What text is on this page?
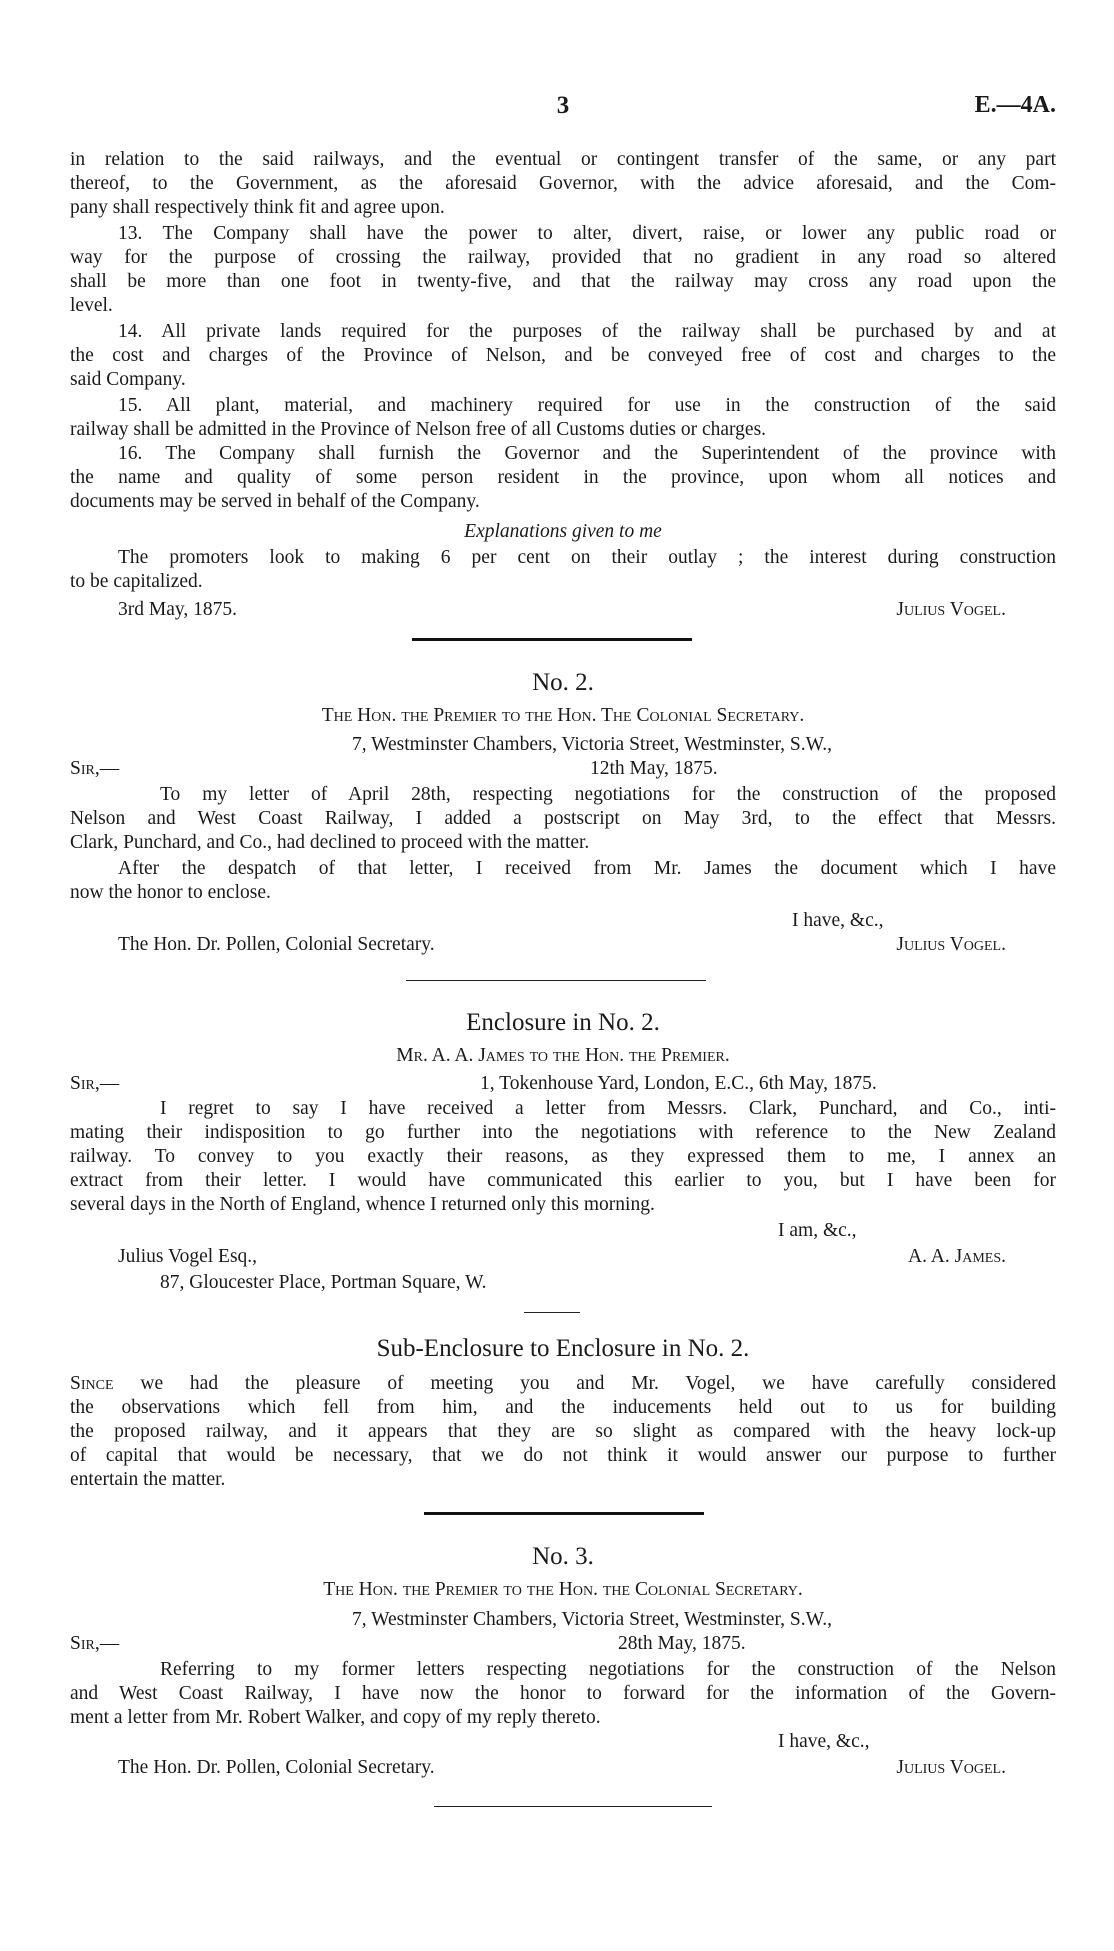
3	E.—4A.
in relation to the said railways, and the eventual or contingent transfer of the same, or any part
thereof, to the Government, as the aforesaid Governor, with the advice aforesaid, and the Com-
pany shall respectively think fit and agree upon.
13. The Company shall have the power to alter, divert, raise, or lower any public road or
way for the purpose of crossing the railway, provided that no gradient in any road so altered
shall be more than one foot in twenty-five, and that the railway may cross any road upon the
level.
14. All private lands required for the purposes of the railway shall be purchased by and at
the cost and charges of the Province of Nelson, and be conveyed free of cost and charges to the
said Company.
15. All plant, material, and machinery required for use in the construction of the said
railway shall be admitted in the Province of Nelson free of all Customs duties or charges.
16. The Company shall furnish the Governor and the Superintendent of the province with
the name and quality of some person resident in the province, upon whom all notices and
documents may be served in behalf of the Company.
Explanations given to me
The promoters look to making 6 per cent on their outlay ; the interest during construction
to be capitalized.
3rd May, 1875.	Julius Vogel.
No. 2.
The Hon. the Premier to the Hon. The Colonial Secretary.
7, Westminster Chambers, Victoria Street, Westminster, S.W.,
Sir,—	12th May, 1875.
To my letter of April 28th, respecting negotiations for the construction of the proposed
Nelson and West Coast Railway, I added a postscript on May 3rd, to the effect that Messrs.
Clark, Punchard, and Co., had declined to proceed with the matter.
After the despatch of that letter, I received from Mr. James the document which I have
now the honor to enclose.
I have, &c.,
The Hon. Dr. Pollen, Colonial Secretary.	Julius Vogel.
Enclosure in No. 2.
Mr. A. A. James to the Hon. the Premier.
Sir,—	1, Tokenhouse Yard, London, E.C., 6th May, 1875.
I regret to say I have received a letter from Messrs. Clark, Punchard, and Co., inti-
mating their indisposition to go further into the negotiations with reference to the New Zealand
railway. To convey to you exactly their reasons, as they expressed them to me, I annex an
extract from their letter. I would have communicated this earlier to you, but I have been for
several days in the North of England, whence I returned only this morning.
I am, &c.,
Julius Vogel Esq.,	A. A. James.
87, Gloucester Place, Portman Square, W.
Sub-Enclosure to Enclosure in No. 2.
Since we had the pleasure of meeting you and Mr. Vogel, we have carefully considered
the observations which fell from him, and the inducements held out to us for building
the proposed railway, and it appears that they are so slight as compared with the heavy lock-up
of capital that would be necessary, that we do not think it would answer our purpose to further
entertain the matter.
No. 3.
The Hon. the Premier to the Hon. the Colonial Secretary.
7, Westminster Chambers, Victoria Street, Westminster, S.W.,
Sir,—	28th May, 1875.
Referring to my former letters respecting negotiations for the construction of the Nelson
and West Coast Railway, I have now the honor to forward for the information of the Govern-
ment a letter from Mr. Robert Walker, and copy of my reply thereto.
I have, &c.,
The Hon. Dr. Pollen, Colonial Secretary.	Julius Vogel.
